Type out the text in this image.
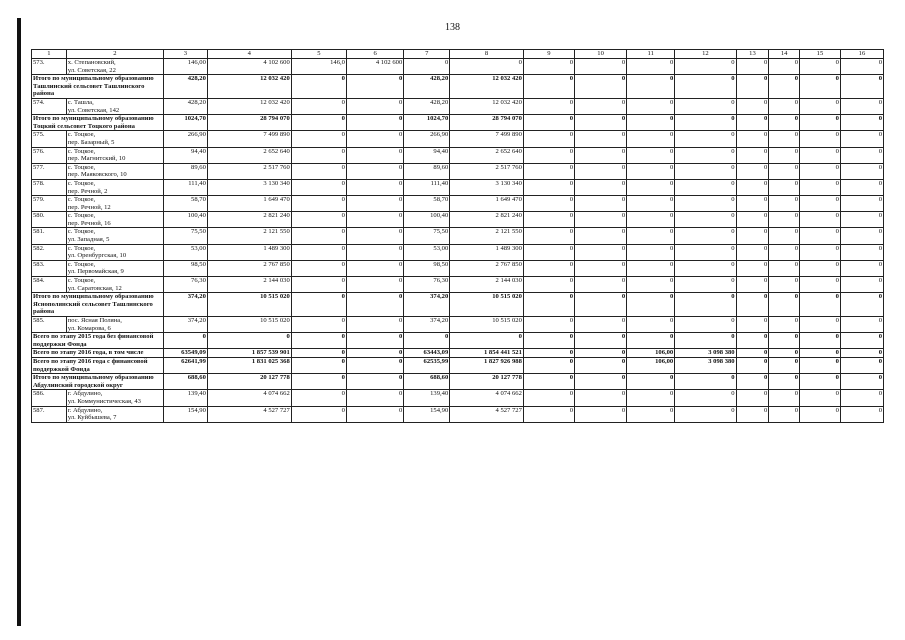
138
1	2	3	4	5	6	7	8	9	10	11	12	13	14	15	16
573.	х. Степановский,
ул. Советская, 22	146,00	4 102 600	146,0	4 102 600	0	0	0	0	0	0	0	0	0	0
Итого по муниципальному образованию Ташлинский сельсовет Ташлинского района		428,20	12 032 420	0	0	428,20	12 032 420	0	0	0	0	0	0	0	0
574.	с. Ташла,
ул. Советская, 142	428,20	12 032 420	0	0	428,20	12 032 420	0	0	0	0	0	0	0	0
Итого по муниципальному образованию Тоцкий сельсовет Тоцкого района		1024,70	28 794 070	0	0	1024,70	28 794 070	0	0	0	0	0	0	0	0
575.	с. Тоцкое,
пер. Базарный, 5	266,90	7 499 890	0	0	266,90	7 499 890	0	0	0	0	0	0	0	0
576.	с. Тоцкое,
пер. Магнитский, 10	94,40	2 652 640	0	0	94,40	2 652 640	0	0	0	0	0	0	0	0
577.	с. Тоцкое,
пер. Маяковского, 10	89,60	2 517 760	0	0	89,60	2 517 760	0	0	0	0	0	0	0	0
578.	с. Тоцкое,
пер. Речной, 2	111,40	3 130 340	0	0	111,40	3 130 340	0	0	0	0	0	0	0	0
579.	с. Тоцкое,
пер. Речной, 12	58,70	1 649 470	0	0	58,70	1 649 470	0	0	0	0	0	0	0	0
580.	с. Тоцкое,
пер. Речной, 16	100,40	2 821 240	0	0	100,40	2 821 240	0	0	0	0	0	0	0	0
581.	с. Тоцкое,
ул. Западная, 5	75,50	2 121 550	0	0	75,50	2 121 550	0	0	0	0	0	0	0	0
582.	с. Тоцкое,
ул. Оренбургская, 10	53,00	1 489 300	0	0	53,00	1 489 300	0	0	0	0	0	0	0	0
583.	с. Тоцкое,
ул. Первомайская, 9	98,50	2 767 850	0	0	98,50	2 767 850	0	0	0	0	0	0	0	0
584.	с. Тоцкое,
ул. Саратовская, 12	76,30	2 144 030	0	0	76,30	2 144 030	0	0	0	0	0	0	0	0
Итого по муниципальному образованию Яснополянский сельсовет Ташлинского района		374,20	10 515 020	0	0	374,20	10 515 020	0	0	0	0	0	0	0	0
585.	пос. Ясная Поляна,
ул. Комарова, 6	374,20	10 515 020	0	0	374,20	10 515 020	0	0	0	0	0	0	0	0
Всего по этапу 2015 года без финансовой поддержки Фонда		0	0	0	0	0	0	0	0	0	0	0	0	0	0
Всего по этапу 2016 года, в том числе		63549,09	1 857 539 901	0	0	63443,09	1 854 441 521	0	0	106,00	3 098 380	0	0	0	0
Всего по этапу 2016 года с финансовой поддержкой Фонда		62641,99	1 831 025 368	0	0	62535,99	1 827 926 988	0	0	106,00	3 098 380	0	0	0	0
Итого по муниципальному образованию Абдулинский городской округ		688,60	20 127 778	0	0	688,60	20 127 778	0	0	0	0	0	0	0	0
586.	г. Абдулино,
ул. Коммунистическая, 43	139,40	4 074 662	0	0	139,40	4 074 662	0	0	0	0	0	0	0	0
587.	г. Абдулино,
ул. Куйбышева, 7	154,90	4 527 727	0	0	154,90	4 527 727	0	0	0	0	0	0	0	0
